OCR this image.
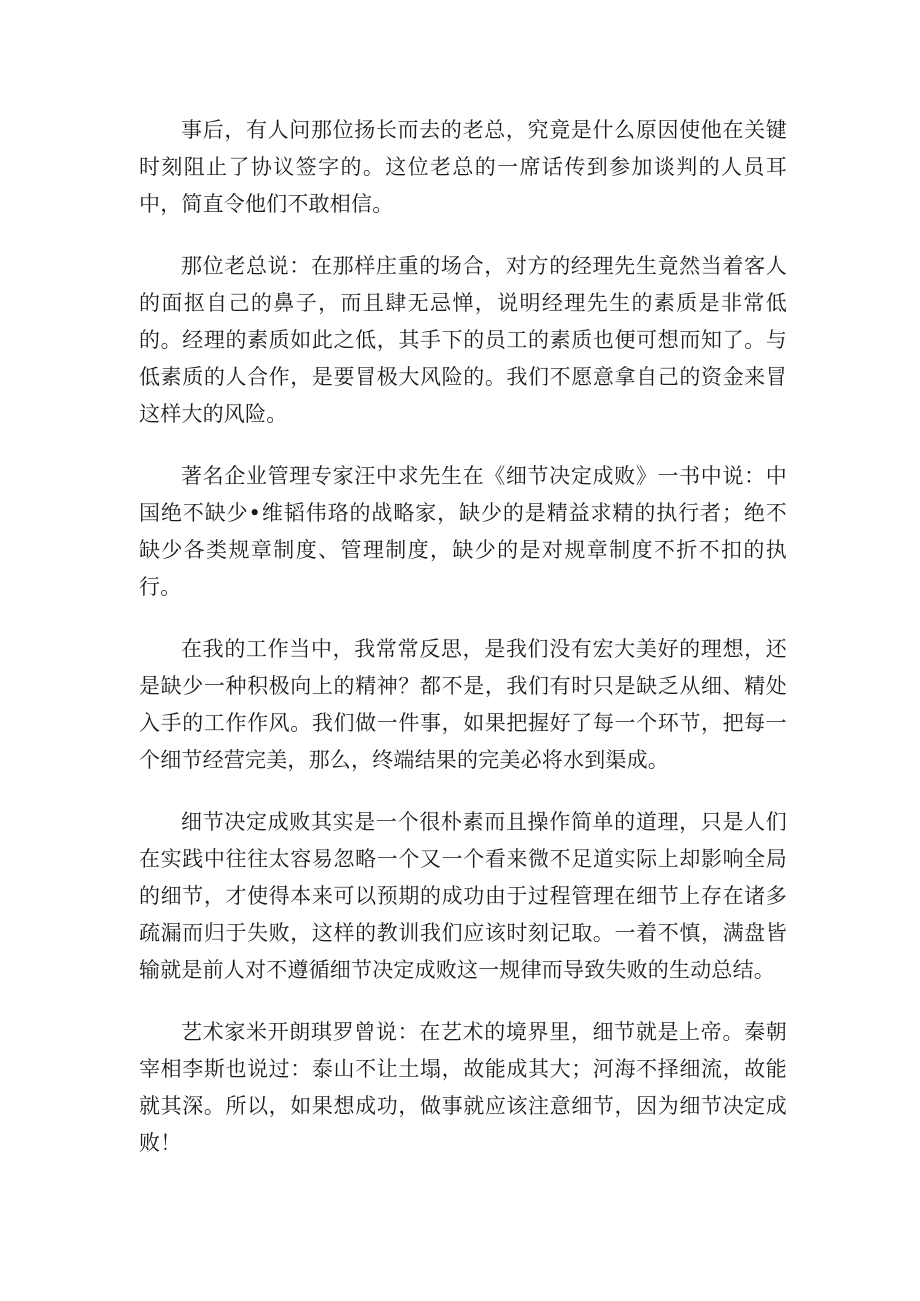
事后，有人问那位扬长而去的老总，究竟是什么原因使他在关键时刻阻止了协议签字的。这位老总的一席话传到参加谈判的人员耳中，简直令他们不敢相信。

那位老总说：在那样庄重的场合，对方的经理先生竟然当着客人的面抠自己的鼻子，而且肆无忌惮，说明经理先生的素质是非常低的。经理的素质如此之低，其手下的员工的素质也便可想而知了。与低素质的人合作，是要冒极大风险的。我们不愿意拿自己的资金来冒这样大的风险。

著名企业管理专家汪中求先生在《细节决定成败》一书中说：中国绝不缺少•维韬伟珞的战略家，缺少的是精益求精的执行者；绝不缺少各类规章制度、管理制度，缺少的是对规章制度不折不扣的执行。

在我的工作当中，我常常反思，是我们没有宏大美好的理想，还是缺少一种积极向上的精神？都不是，我们有时只是缺乏从细、精处入手的工作作风。我们做一件事，如果把握好了每一个环节，把每一个细节经营完美，那么，终端结果的完美必将水到渠成。

细节决定成败其实是一个很朴素而且操作简单的道理，只是人们在实践中往往太容易忽略一个又一个看来微不足道实际上却影响全局的细节，才使得本来可以预期的成功由于过程管理在细节上存在诸多疏漏而归于失败，这样的教训我们应该时刻记取。一着不慎，满盘皆输就是前人对不遵循细节决定成败这一规律而导致失败的生动总结。

艺术家米开朗琪罗曾说：在艺术的境界里，细节就是上帝。秦朝宰相李斯也说过：泰山不让土塌，故能成其大；河海不择细流，故能就其深。所以，如果想成功，做事就应该注意细节，因为细节决定成败！
